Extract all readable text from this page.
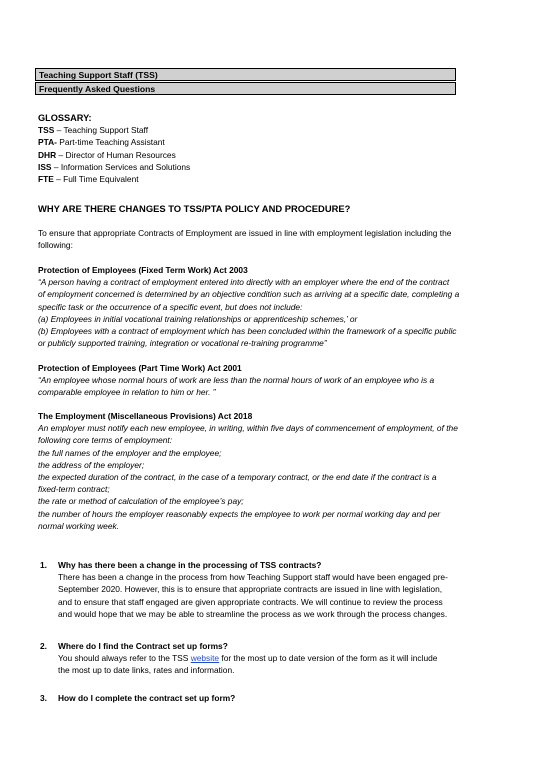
Teaching Support Staff (TSS)
Frequently Asked Questions

GLOSSARY:

TSS – Teaching Support Staff

PTA- Part-time Teaching Assistant

DHR – Director of Human Resources

ISS – Information Services and Solutions

FTE – Full Time Equivalent

WHY ARE THERE CHANGES TO TSS/PTA POLICY AND PROCEDURE?

To ensure that appropriate Contracts of Employment are issued in line with employment legislation including the

following:

Protection of Employees (Fixed Term Work) Act 2003

“A person having a contract of employment entered into directly with an employer where the end of the contract

of employment concerned is determined by an objective condition such as arriving at a specific date, completing a

specific task or the occurrence of a specific event, but does not include:

(a) Employees in initial vocational training relationships or apprenticeship schemes,’ or

(b) Employees with a contract of employment which has been concluded within the framework of a specific public

or publicly supported training, integration or vocational re-training programme”

Protection of Employees (Part Time Work) Act 2001

“An employee whose normal hours of work are less than the normal hours of work of an employee who is a

comparable employee in relation to him or her. ”

The Employment (Miscellaneous Provisions) Act 2018

An employer must notify each new employee, in writing, within five days of commencement of employment, of the

following core terms of employment:

the full names of the employer and the employee;

the address of the employer;

the expected duration of the contract, in the case of a temporary contract, or the end date if the contract is a

fixed-term contract;

the rate or method of calculation of the employee’s pay;

the number of hours the employer reasonably expects the employee to work per normal working day and per

normal working week.

1. Why has there been a change in the processing of TSS contracts?

There has been a change in the process from how Teaching Support staff would have been engaged pre-

September 2020. However, this is to ensure that appropriate contracts are issued in line with legislation,

and to ensure that staff engaged are given appropriate contracts. We will continue to review the process

and would hope that we may be able to streamline the process as we work through the process changes.

2. Where do I find the Contract set up forms?

You should always refer to the TSS website for the most up to date version of the form as it will include

the most up to date links, rates and information.

3. How do I complete the contract set up form?
